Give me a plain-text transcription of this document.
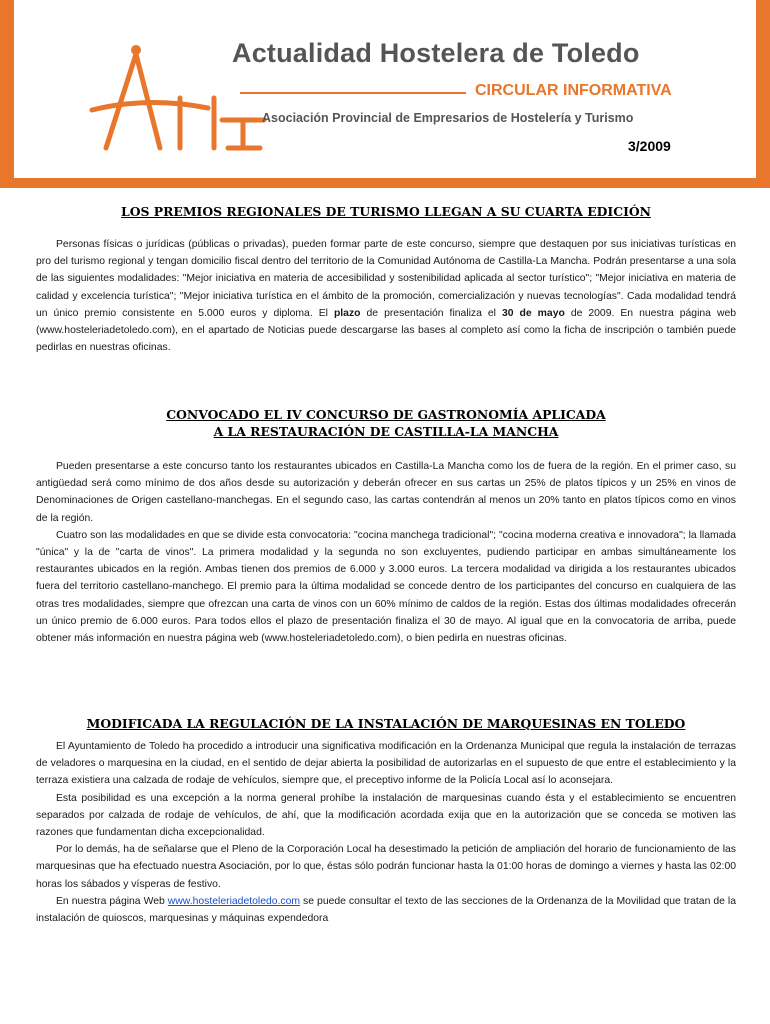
Actualidad Hostelera de Toledo
CIRCULAR INFORMATIVA
Asociación Provincial de Empresarios de Hostelería y Turismo
3/2009
LOS PREMIOS REGIONALES DE TURISMO LLEGAN A SU CUARTA EDICIÓN

Personas físicas o jurídicas (públicas o privadas), pueden formar parte de este concurso, siempre que destaquen por sus iniciativas turísticas en pro del turismo regional y tengan domicilio fiscal dentro del territorio de la Comunidad Autónoma de Castilla-La Mancha. Podrán presentarse a una sola de las siguientes modalidades: "Mejor iniciativa en materia de accesibilidad y sostenibilidad aplicada al sector turístico"; "Mejor iniciativa en materia de calidad y excelencia turística"; "Mejor iniciativa turística en el ámbito de la promoción, comercialización y nuevas tecnologías". Cada modalidad tendrá un único premio consistente en 5.000 euros y diploma. El plazo de presentación finaliza el 30 de mayo de 2009. En nuestra página web (www.hosteleriadetoledo.com), en el apartado de Noticias puede descargarse las bases al completo así como la ficha de inscripción o también puede pedirlas en nuestras oficinas.

CONVOCADO EL IV CONCURSO DE GASTRONOMÍA APLICADA
A LA RESTAURACIÓN DE CASTILLA-LA MANCHA

Pueden presentarse a este concurso tanto los restaurantes ubicados en Castilla-La Mancha como los de fuera de la región. En el primer caso, su antigüedad será como mínimo de dos años desde su autorización y deberán ofrecer en sus cartas un 25% de platos típicos y un 25% en vinos de Denominaciones de Origen castellano-manchegas. En el segundo caso, las cartas contendrán al menos un 20% tanto en platos típicos como en vinos de la región.

Cuatro son las modalidades en que se divide esta convocatoria: "cocina manchega tradicional"; "cocina moderna creativa e innovadora"; la llamada "única" y la de "carta de vinos". La primera modalidad y la segunda no son excluyentes, pudiendo participar en ambas simultáneamente los restaurantes ubicados en la región. Ambas tienen dos premios de 6.000 y 3.000 euros. La tercera modalidad va dirigida a los restaurantes ubicados fuera del territorio castellano-manchego. El premio para la última modalidad se concede dentro de los participantes del concurso en cualquiera de las otras tres modalidades, siempre que ofrezcan una carta de vinos con un 60% mínimo de caldos de la región. Estas dos últimas modalidades ofrecerán un único premio de 6.000 euros. Para todos ellos el plazo de presentación finaliza el 30 de mayo. Al igual que en la convocatoria de arriba, puede obtener más información en nuestra página web (www.hosteleriadetoledo.com), o bien pedirla en nuestras oficinas.

MODIFICADA LA REGULACIÓN DE LA INSTALACIÓN DE MARQUESINAS EN TOLEDO

El Ayuntamiento de Toledo ha procedido a introducir una significativa modificación en la Ordenanza Municipal que regula la instalación de terrazas de veladores o marquesina en la ciudad, en el sentido de dejar abierta la posibilidad de autorizarlas en el supuesto de que entre el establecimiento y la terraza existiera una calzada de rodaje de vehículos, siempre que, el preceptivo informe de la Policía Local así lo aconsejara.

Esta posibilidad es una excepción a la norma general prohíbe la instalación de marquesinas cuando ésta y el establecimiento se encuentren separados por calzada de rodaje de vehículos, de ahí, que la modificación acordada exija que en la autorización que se conceda se motiven las razones que fundamentan dicha excepcionalidad.

Por lo demás, ha de señalarse que el Pleno de la Corporación Local ha desestimado la petición de ampliación del horario de funcionamiento de las marquesinas que ha efectuado nuestra Asociación, por lo que, éstas sólo podrán funcionar hasta la 01:00 horas de domingo a viernes y hasta las 02:00 horas los sábados y vísperas de festivo.

En nuestra página Web www.hosteleriadetoledo.com se puede consultar el texto de las secciones de la Ordenanza de la Movilidad que tratan de la instalación de quioscos, marquesinas y máquinas expendedora
